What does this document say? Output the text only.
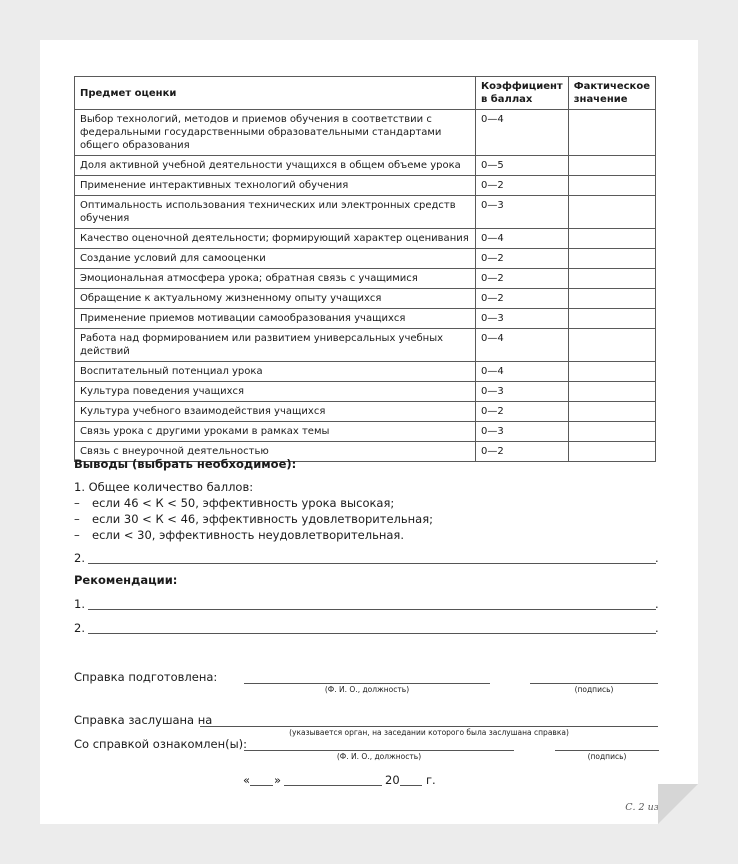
Предмет оценки	Коэффициент в баллах	Фактическое значение
Выбор технологий, методов и приемов обучения в соответствии с федеральными государственными образовательными стандартами общего образования	0—4	
Доля активной учебной деятельности учащихся в общем объеме урока	0—5	
Применение интерактивных технологий обучения	0—2	
Оптимальность использования технических или электронных средств обучения	0—3	
Качество оценочной деятельности; формирующий характер оценивания	0—4	
Создание условий для самооценки	0—2	
Эмоциональная атмосфера урока; обратная связь с учащимися	0—2	
Обращение к актуальному жизненному опыту учащихся	0—2	
Применение приемов мотивации самообразования учащихся	0—3	
Работа над формированием или развитием универсальных учебных действий	0—4	
Воспитательный потенциал урока	0—4	
Культура поведения учащихся	0—3	
Культура учебного взаимодействия учащихся	0—2	
Связь урока с другими уроками в рамках темы	0—3	
Связь с внеурочной деятельностью	0—2	
Выводы (выбрать необходимое):
1. Общее количество баллов:
– если 46 < К < 50, эффективность урока высокая;
– если 30 < К < 46, эффективность удовлетворительная;
– если < 30, эффективность неудовлетворительная.
2.	.
Рекомендации:
1.	.
2.	.
Справка подготовлена:
(Ф. И. О., должность)	(подпись)
Справка заслушана на
(указывается орган, на заседании которого была заслушана справка)
Со справкой ознакомлен(ы):
(Ф. И. О., должность)	(подпись)
« »	20 г.
С. 2 из 2
